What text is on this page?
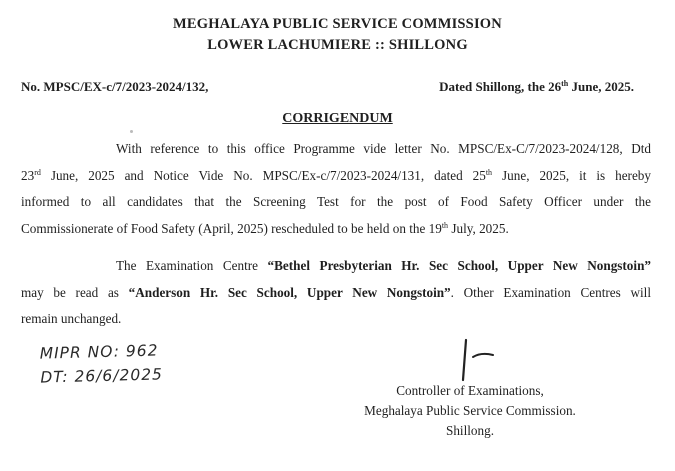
MEGHALAYA PUBLIC SERVICE COMMISSION
LOWER LACHUMIERE :: SHILLONG
No. MPSC/EX-c/7/2023-2024/132,	Dated Shillong, the 26th June, 2025.
CORRIGENDUM

With reference to this office Programme vide letter No. MPSC/Ex-C/7/2023-2024/128, Dtd
23rd June, 2025 and Notice Vide No. MPSC/Ex-c/7/2023-2024/131, dated 25th June, 2025, it is hereby
informed to all candidates that the Screening Test for the post of Food Safety Officer under the
Commissionerate of Food Safety (April, 2025) rescheduled to be held on the 19th July, 2025.

The Examination Centre “Bethel Presbyterian Hr. Sec School, Upper New Nongstoin”
may be read as “Anderson Hr. Sec School, Upper New Nongstoin”. Other Examination Centres will
remain unchanged.

MIPR NO: 962
DT: 26/6/2025
Controller of Examinations,
Meghalaya Public Service Commission.
Shillong.
